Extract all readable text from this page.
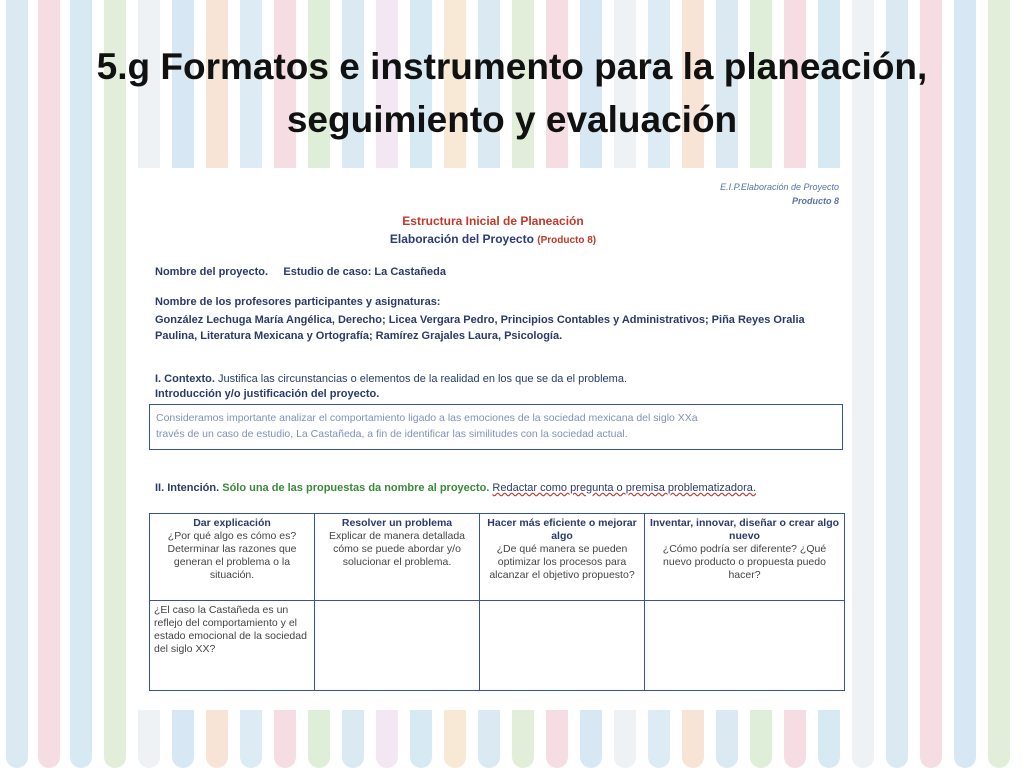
5.g Formatos e instrumento para la planeación,
seguimiento y evaluación
E.I.P.Elaboración de Proyecto
Producto 8
Estructura Inicial de Planeación
Elaboración del Proyecto (Producto 8)
Nombre del proyecto. Estudio de caso: La Castañeda
Nombre de los profesores participantes y asignaturas:
González Lechuga María Angélica, Derecho; Licea Vergara Pedro, Principios Contables y Administrativos; Piña Reyes Oralia
Paulina, Literatura Mexicana y Ortografía; Ramírez Grajales Laura, Psicología.
I. Contexto. Justifica las circunstancias o elementos de la realidad en los que se da el problema.
Introducción y/o justificación del proyecto.
Consideramos importante analizar el comportamiento ligado a las emociones de la sociedad mexicana del siglo XXa
través de un caso de estudio, La Castañeda, a fin de identificar las similitudes con la sociedad actual.
II. Intención. Sólo una de las propuestas da nombre al proyecto. Redactar como pregunta o premisa problematizadora.
Dar explicación
¿Por qué algo es cómo es? Determinar las razones que generan el problema o la situación.
Resolver un problema
Explicar de manera detallada cómo se puede abordar y/o solucionar el problema.
Hacer más eficiente o mejorar algo
¿De qué manera se pueden optimizar los procesos para alcanzar el objetivo propuesto?
Inventar, innovar, diseñar o crear algo nuevo
¿Cómo podría ser diferente? ¿Qué nuevo producto o propuesta puedo hacer?
¿El caso la Castañeda es un reflejo del comportamiento y el estado emocional de la sociedad del siglo XX?
